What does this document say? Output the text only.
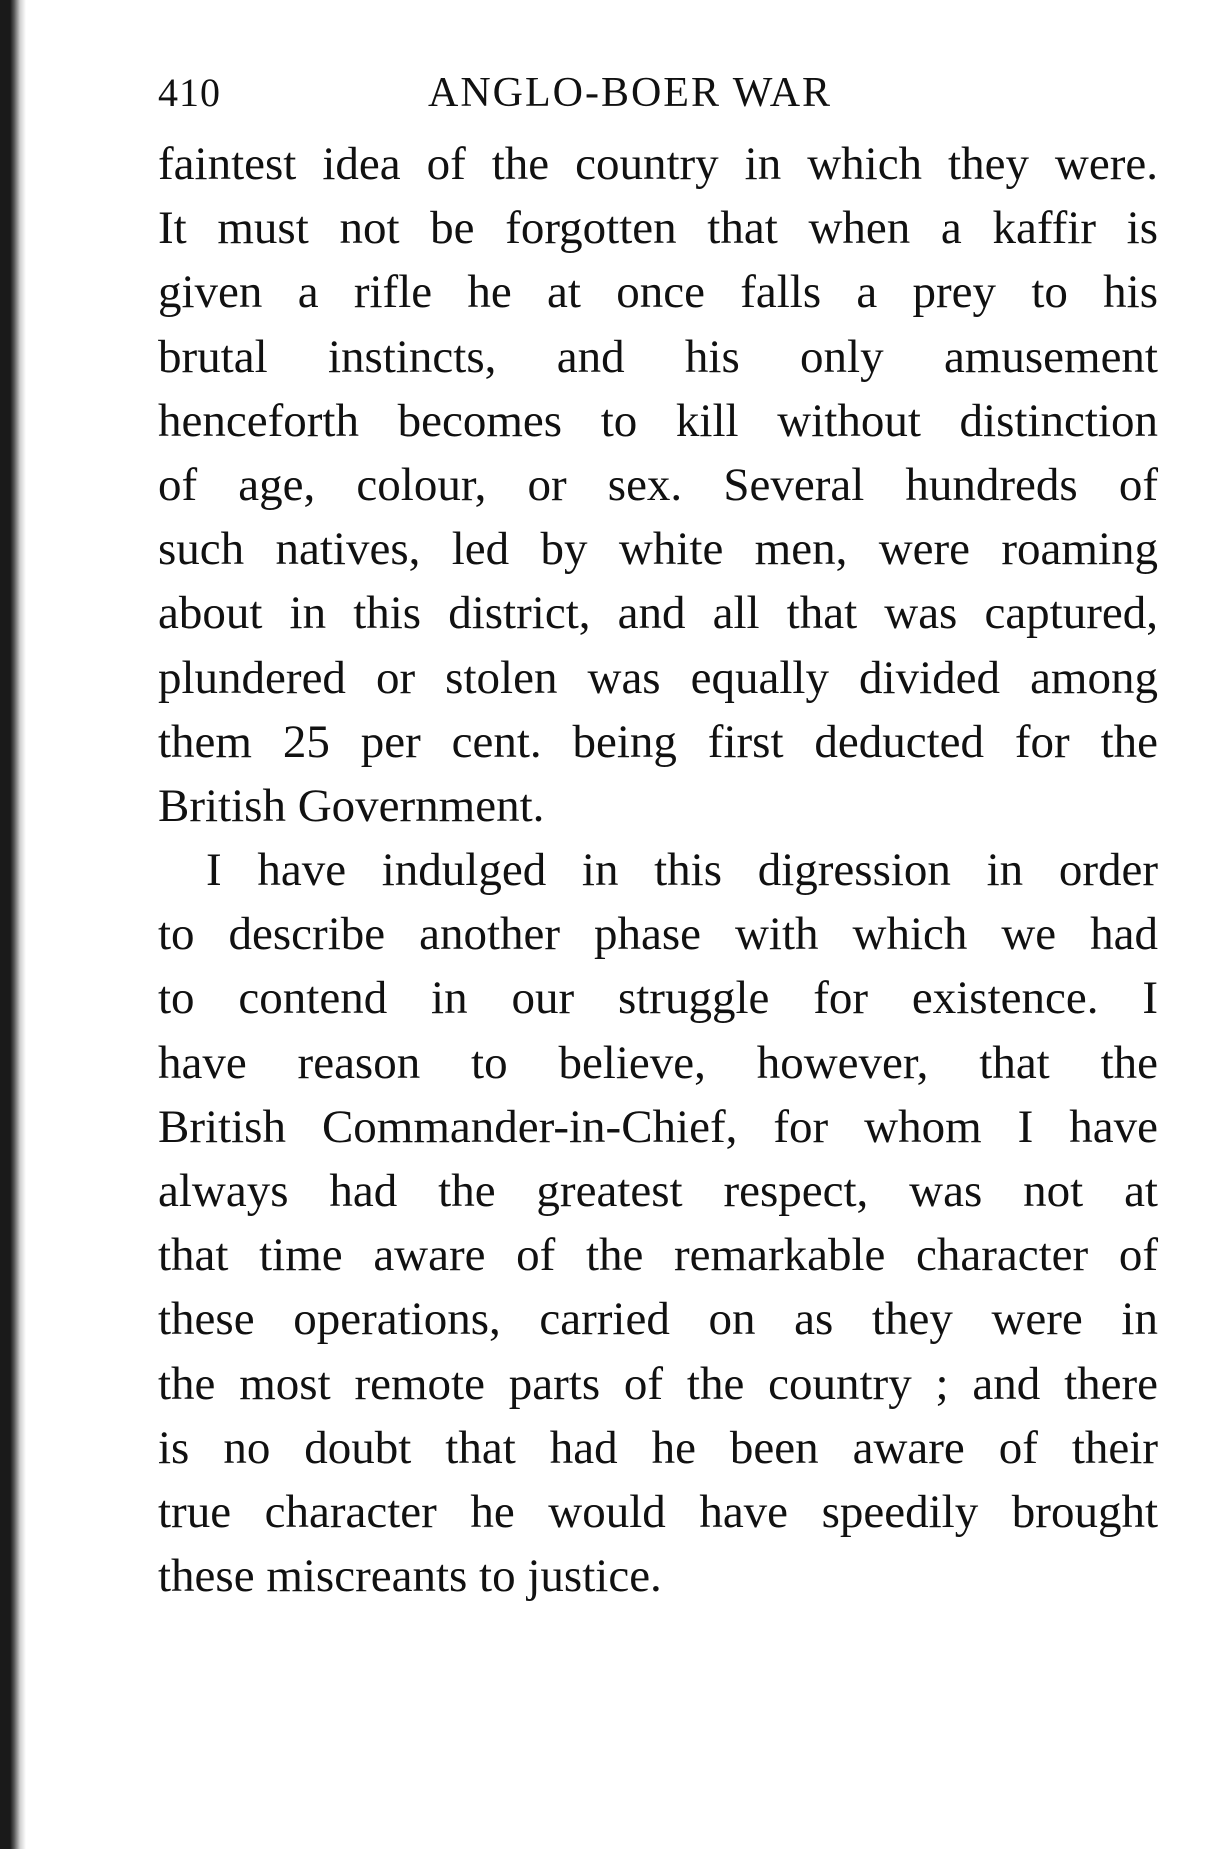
410	ANGLO-BOER WAR
faintest idea of the country in which they were.
It must not be forgotten that when a kaffir is
given a rifle he at once falls a prey to his
brutal instincts, and his only amusement
henceforth becomes to kill without distinction
of age, colour, or sex. Several hundreds of
such natives, led by white men, were roaming
about in this district, and all that was captured,
plundered or stolen was equally divided among
them 25 per cent. being first deducted for the
British Government.
I have indulged in this digression in order
to describe another phase with which we had
to contend in our struggle for existence. I
have reason to believe, however, that the
British Commander-in-Chief, for whom I have
always had the greatest respect, was not at
that time aware of the remarkable character of
these operations, carried on as they were in
the most remote parts of the country ; and there
is no doubt that had he been aware of their
true character he would have speedily brought
these miscreants to justice.
